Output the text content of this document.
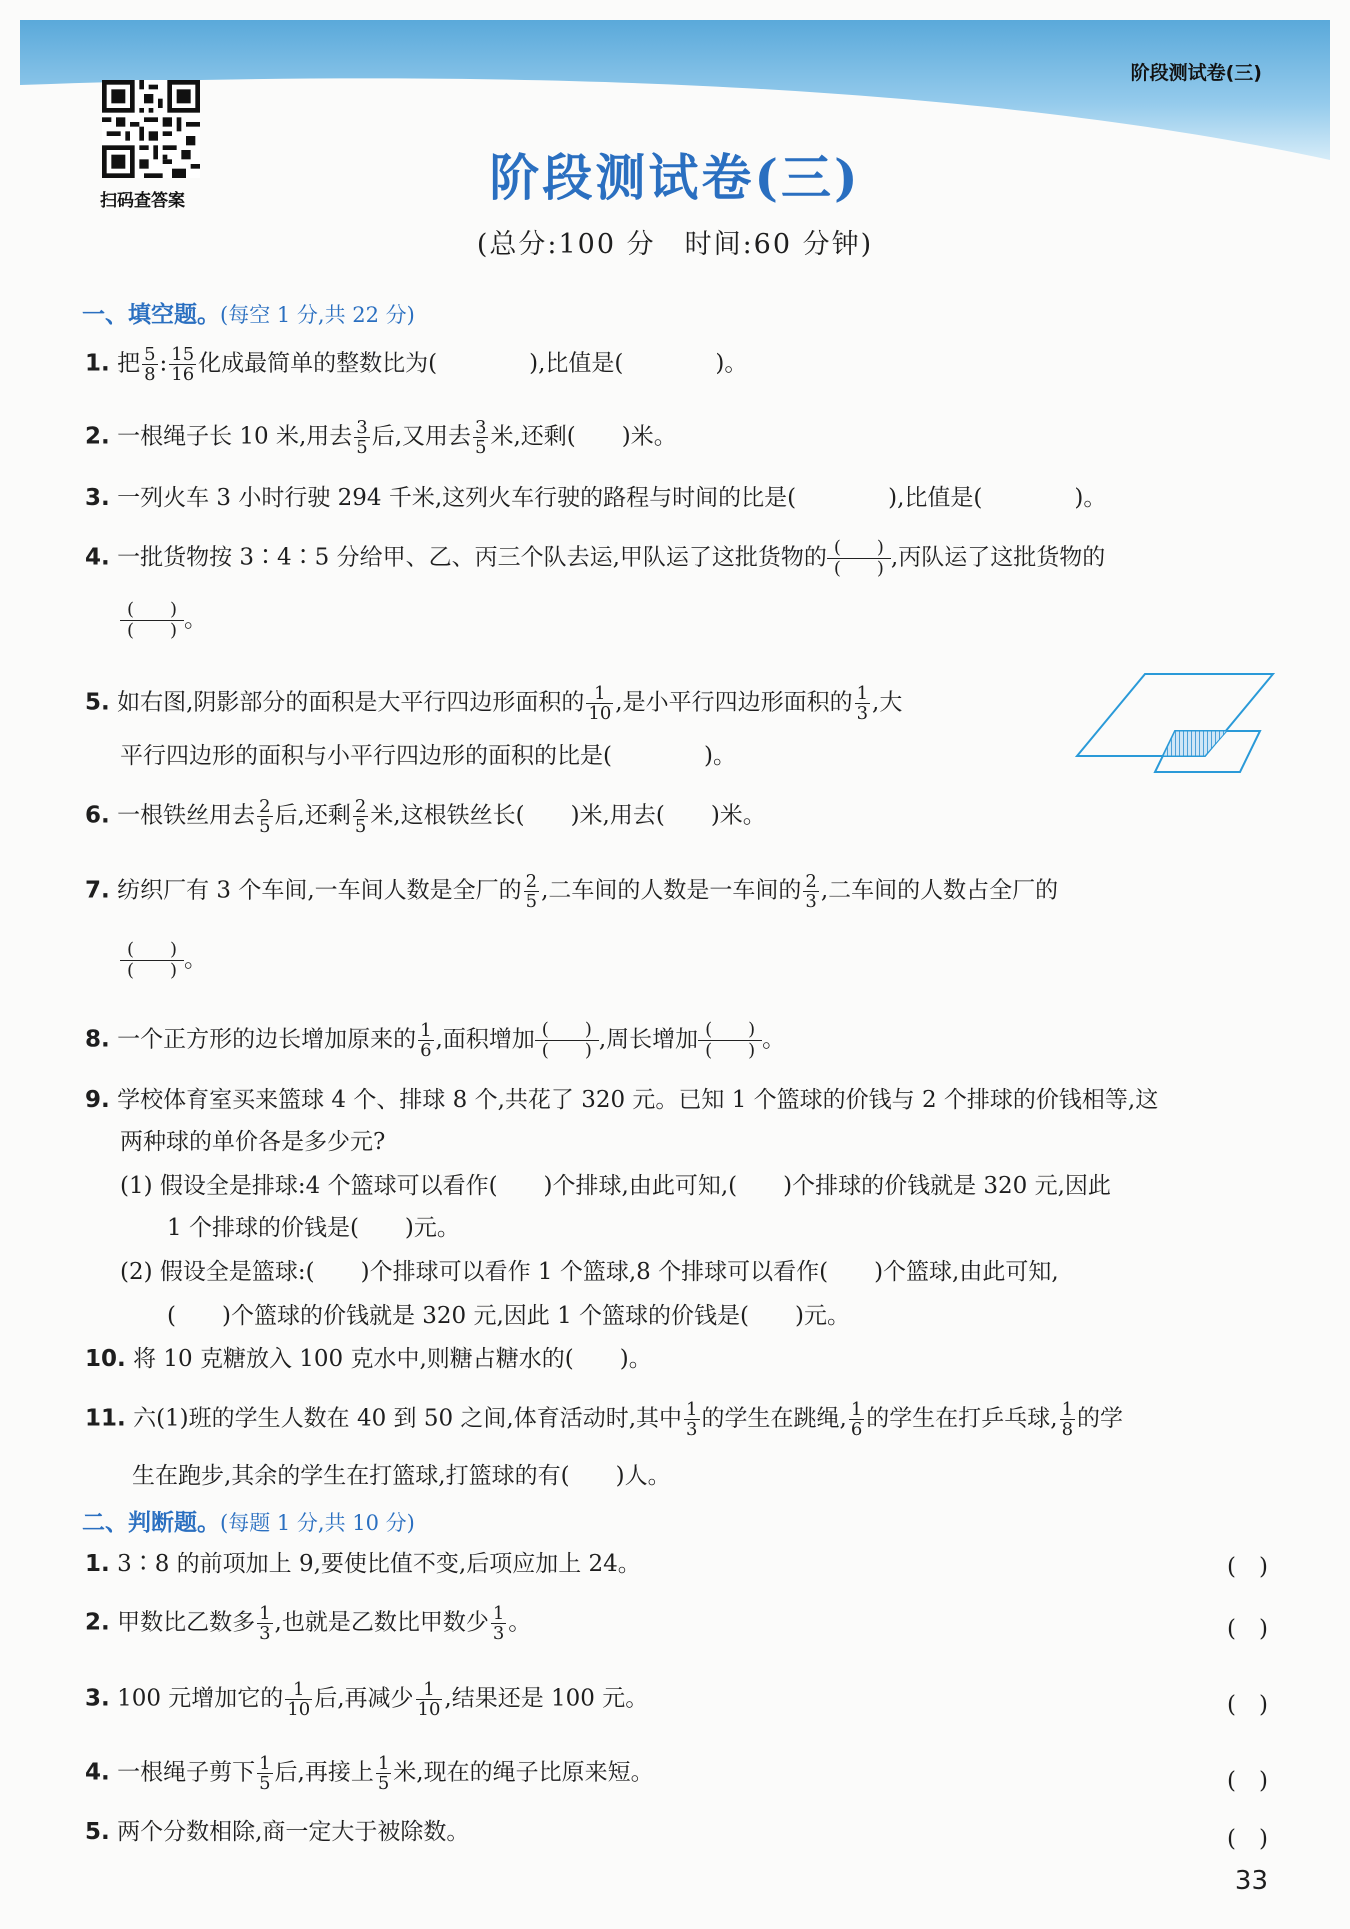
阶段测试卷(三)
扫码查答案	阶段测试卷(三)
(总分:100 分　时间:60 分钟)
一、填空题。(每空 1 分,共 22 分)
1. 把 $\frac{5}{8}$ : $\frac{15}{16}$ 化成最简单的整数比为(　　　　),比值是(　　　　)。
2. 一根绳子长 10 米,用去 $\frac{3}{5}$ 后,又用去 $\frac{3}{5}$ 米,还剩(　　)米。
3. 一列火车 3 小时行驶 294 千米,这列火车行驶的路程与时间的比是(　　　　),比值是(　　　　)。
4. 一批货物按 3∶4∶5 分给甲、乙、丙三个队去运,甲队运了这批货物的 (　　)
(　　) ,丙队运了这批货物的
(　　)
(　　) 。
5. 如右图,阴影部分的面积是大平行四边形面积的 $\frac{1}{10}$ ,是小平行四边形面积的 $\frac{1}{3}$ ,大
平行四边形的面积与小平行四边形的面积的比是(　　　　)。
6. 一根铁丝用去 $\frac{2}{5}$ 后,还剩 $\frac{2}{5}$ 米,这根铁丝长(　　)米,用去(　　)米。
7. 纺织厂有 3 个车间,一车间人数是全厂的 $\frac{2}{5}$ ,二车间的人数是一车间的 $\frac{2}{3}$ ,二车间的人数占全厂的
(　　)
(　　) 。
8. 一个正方形的边长增加原来的 $\frac{1}{6}$ ,面积增加 (　　)
(　　) ,周长增加 (　　)
(　　) 。
9. 学校体育室买来篮球 4 个、排球 8 个,共花了 320 元。已知 1 个篮球的价钱与 2 个排球的价钱相等,这
两种球的单价各是多少元?
(1) 假设全是排球:4 个篮球可以看作(　　)个排球,由此可知,(　　)个排球的价钱就是 320 元,因此
1 个排球的价钱是(　　)元。
(2) 假设全是篮球:(　　)个排球可以看作 1 个篮球,8 个排球可以看作(　　)个篮球,由此可知,
(　　)个篮球的价钱就是 320 元,因此 1 个篮球的价钱是(　　)元。
10. 将 10 克糖放入 100 克水中,则糖占糖水的(　　)。
11. 六(1)班的学生人数在 40 到 50 之间,体育活动时,其中 $\frac{1}{3}$ 的学生在跳绳, $\frac{1}{6}$ 的学生在打乒乓球, $\frac{1}{8}$ 的学
生在跑步,其余的学生在打篮球,打篮球的有(　　)人。
二、判断题。(每题 1 分,共 10 分)
1. 3∶8 的前项加上 9,要使比值不变,后项应加上 24。	(　)
2. 甲数比乙数多 $\frac{1}{3}$ ,也就是乙数比甲数少 $\frac{1}{3}$ 。	(　)
3. 100 元增加它的 $\frac{1}{10}$ 后,再减少 $\frac{1}{10}$ ,结果还是 100 元。	(　)
4. 一根绳子剪下 $\frac{1}{5}$ 后,再接上 $\frac{1}{5}$ 米,现在的绳子比原来短。	(　)
5. 两个分数相除,商一定大于被除数。	(　)
33
